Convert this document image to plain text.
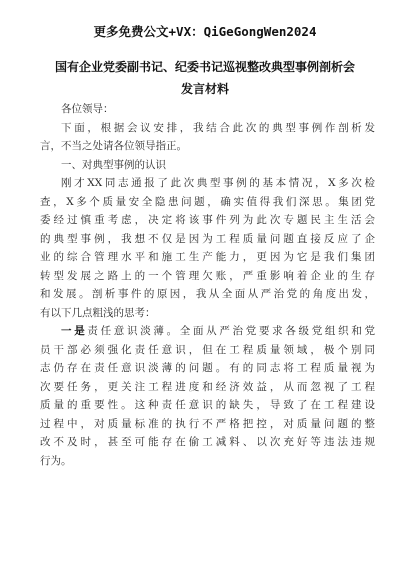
更多免费公文+VX：QiGeGongWen2024
国有企业党委副书记、纪委书记巡视整改典型事例剖析会
发言材料
各位领导：
下面，根据会议安排，我结合此次的典型事例作剖析发
言，不当之处请各位领导指正。
一、对典型事例的认识
刚才XX同志通报了此次典型事例的基本情况，X多次检
查，X多个质量安全隐患问题，确实值得我们深思。集团党
委经过慎重考虑，决定将该事件列为此次专题民主生活会
的典型事例，我想不仅是因为工程质量问题直接反应了企
业的综合管理水平和施工生产能力，更因为它是我们集团
转型发展之路上的一个管理欠账，严重影响着企业的生存
和发展。剖析事件的原因，我从全面从严治党的角度出发，
有以下几点粗浅的思考：
一是责任意识淡薄。全面从严治党要求各级党组织和党
员干部必须强化责任意识，但在工程质量领域，极个别同
志仍存在责任意识淡薄的问题。有的同志将工程质量视为
次要任务，更关注工程进度和经济效益，从而忽视了工程
质量的重要性。这种责任意识的缺失，导致了在工程建设
过程中，对质量标准的执行不严格把控，对质量问题的整
改不及时，甚至可能存在偷工减料、以次充好等违法违规
行为。
